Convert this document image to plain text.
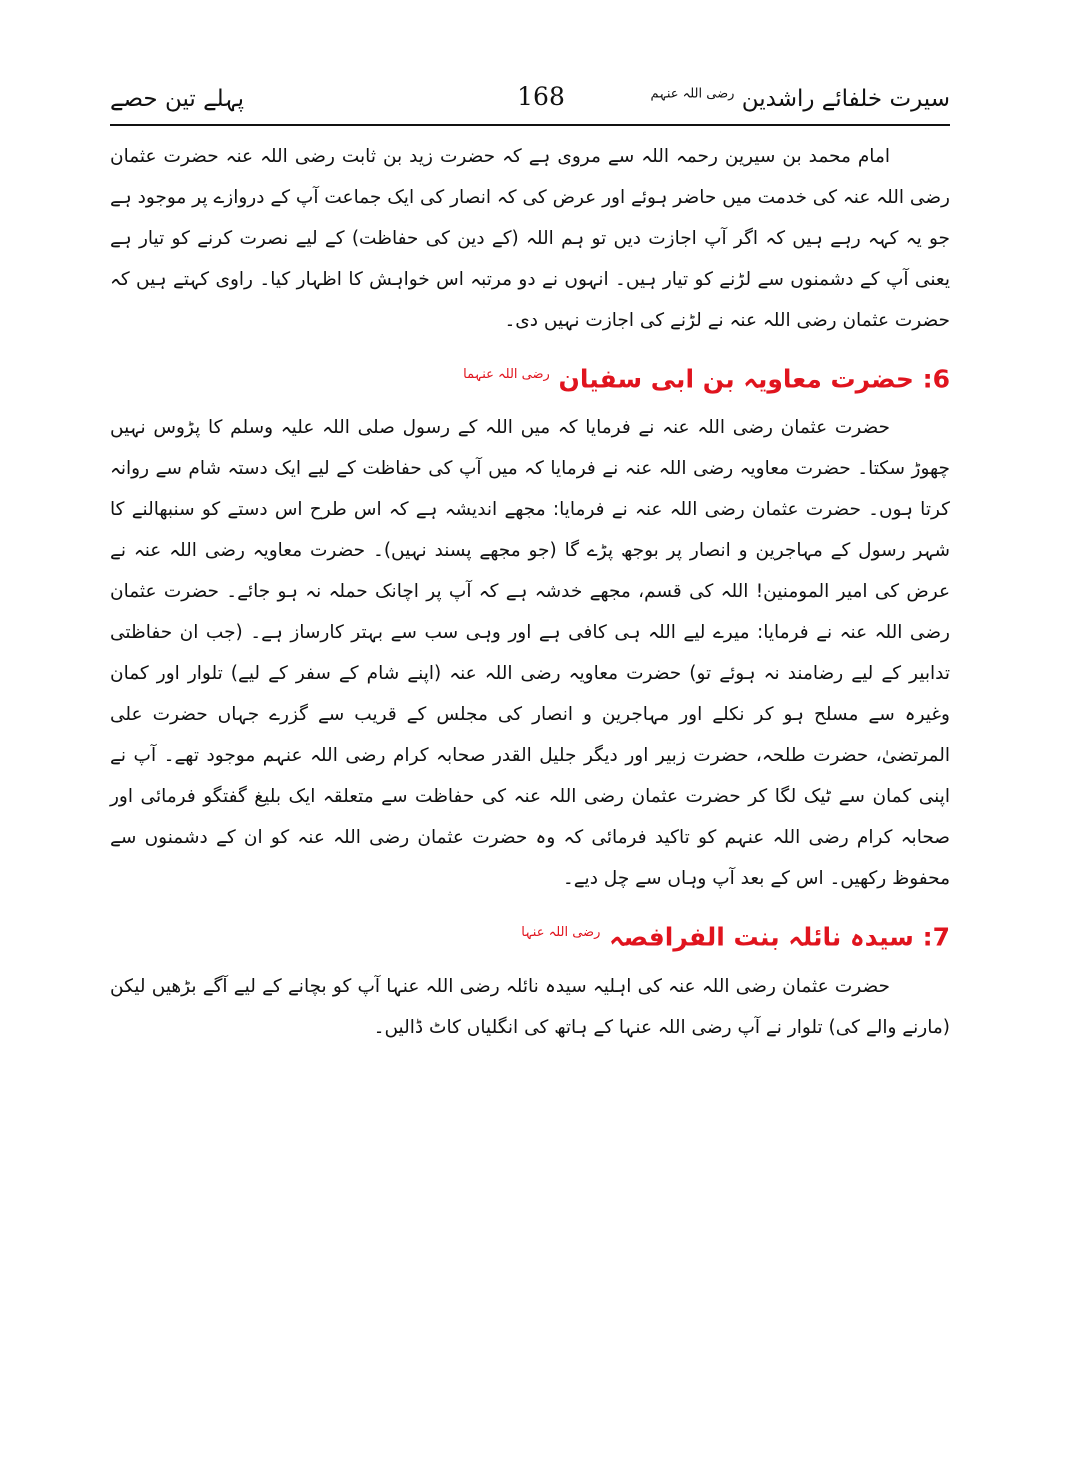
سیرت خلفائے راشدین $^{رضی اللہ عنہم}$
168
پہلے تین حصے

امام محمد بن سیرین رحمہ اللہ سے مروی ہے کہ حضرت زید بن ثابت رضی اللہ عنہ حضرت عثمان رضی اللہ عنہ کی خدمت میں حاضر ہوئے اور عرض کی کہ انصار کی ایک جماعت آپ کے دروازے پر موجود ہے جو یہ کہہ رہے ہیں کہ اگر آپ اجازت دیں تو ہم اللہ (کے دین کی حفاظت) کے لیے نصرت کرنے کو تیار ہے یعنی آپ کے دشمنوں سے لڑنے کو تیار ہیں۔ انہوں نے دو مرتبہ اس خواہش کا اظہار کیا۔ راوی کہتے ہیں کہ حضرت عثمان رضی اللہ عنہ نے لڑنے کی اجازت نہیں دی۔

6: حضرت معاویہ بن ابی سفیان $^{رضی اللہ عنہما}$

حضرت عثمان رضی اللہ عنہ نے فرمایا کہ میں اللہ کے رسول صلی اللہ علیہ وسلم کا پڑوس نہیں چھوڑ سکتا۔ حضرت معاویہ رضی اللہ عنہ نے فرمایا کہ میں آپ کی حفاظت کے لیے ایک دستہ شام سے روانہ کرتا ہوں۔ حضرت عثمان رضی اللہ عنہ نے فرمایا: مجھے اندیشہ ہے کہ اس طرح اس دستے کو سنبھالنے کا شہر رسول کے مہاجرین و انصار پر بوجھ پڑے گا (جو مجھے پسند نہیں)۔ حضرت معاویہ رضی اللہ عنہ نے عرض کی امیر المومنین! اللہ کی قسم، مجھے خدشہ ہے کہ آپ پر اچانک حملہ نہ ہو جائے۔ حضرت عثمان رضی اللہ عنہ نے فرمایا: میرے لیے اللہ ہی کافی ہے اور وہی سب سے بہتر کارساز ہے۔ (جب ان حفاظتی تدابیر کے لیے رضامند نہ ہوئے تو) حضرت معاویہ رضی اللہ عنہ (اپنے شام کے سفر کے لیے) تلوار اور کمان وغیرہ سے مسلح ہو کر نکلے اور مہاجرین و انصار کی مجلس کے قریب سے گزرے جہاں حضرت علی المرتضیٰ، حضرت طلحہ، حضرت زبیر اور دیگر جلیل القدر صحابہ کرام رضی اللہ عنہم موجود تھے۔ آپ نے اپنی کمان سے ٹیک لگا کر حضرت عثمان رضی اللہ عنہ کی حفاظت سے متعلقہ ایک بلیغ گفتگو فرمائی اور صحابہ کرام رضی اللہ عنہم کو تاکید فرمائی کہ وہ حضرت عثمان رضی اللہ عنہ کو ان کے دشمنوں سے محفوظ رکھیں۔ اس کے بعد آپ وہاں سے چل دیے۔

7: سیدہ نائلہ بنت الفرافصہ $^{رضی اللہ عنہا}$

حضرت عثمان رضی اللہ عنہ کی اہلیہ سیدہ نائلہ رضی اللہ عنہا آپ کو بچانے کے لیے آگے بڑھیں لیکن (مارنے والے کی) تلوار نے آپ رضی اللہ عنہا کے ہاتھ کی انگلیاں کاٹ ڈالیں۔
